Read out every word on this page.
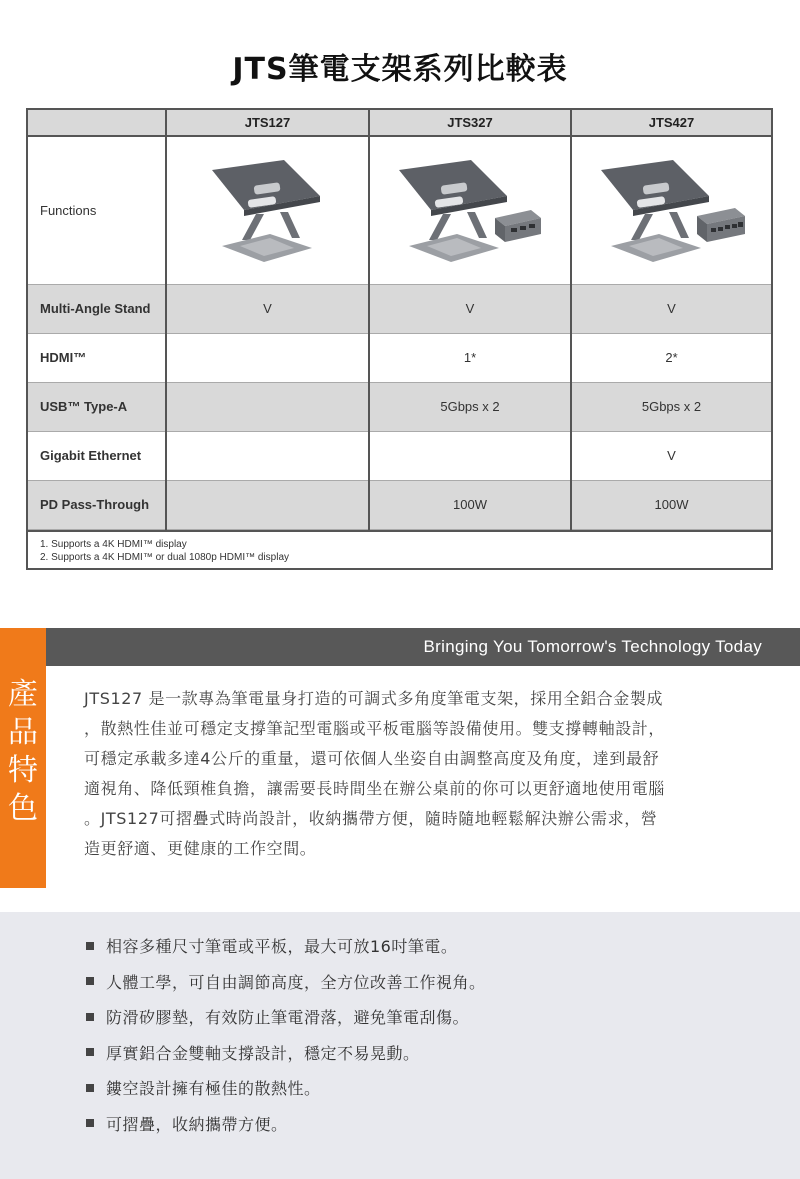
JTS筆電支架系列比較表
	JTS127	JTS327	JTS427
Functions			
Multi-Angle Stand	V	V	V
HDMI™		1*	2*
USB™ Type-A		5Gbps x 2	5Gbps x 2
Gigabit Ethernet			V
PD Pass-Through		100W	100W
1. Supports a 4K HDMI™ display
2. Supports a 4K HDMI™ or dual 1080p HDMI™ display
Bringing You Tomorrow's Technology Today
產
品
特
色
JTS127 是一款專為筆電量身打造的可調式多角度筆電支架，採用全鋁合金製成
，散熱性佳並可穩定支撐筆記型電腦或平板電腦等設備使用。雙支撐轉軸設計，
可穩定承載多達4公斤的重量，還可依個人坐姿自由調整高度及角度，達到最舒
適視角、降低頸椎負擔，讓需要長時間坐在辦公桌前的你可以更舒適地使用電腦
。JTS127可摺疊式時尚設計，收納攜帶方便，隨時隨地輕鬆解決辦公需求，營
造更舒適、更健康的工作空間。
相容多種尺寸筆電或平板，最大可放16吋筆電。
人體工學，可自由調節高度，全方位改善工作視角。
防滑矽膠墊，有效防止筆電滑落，避免筆電刮傷。
厚實鋁合金雙軸支撐設計，穩定不易晃動。
鏤空設計擁有極佳的散熱性。
可摺疊，收納攜帶方便。
